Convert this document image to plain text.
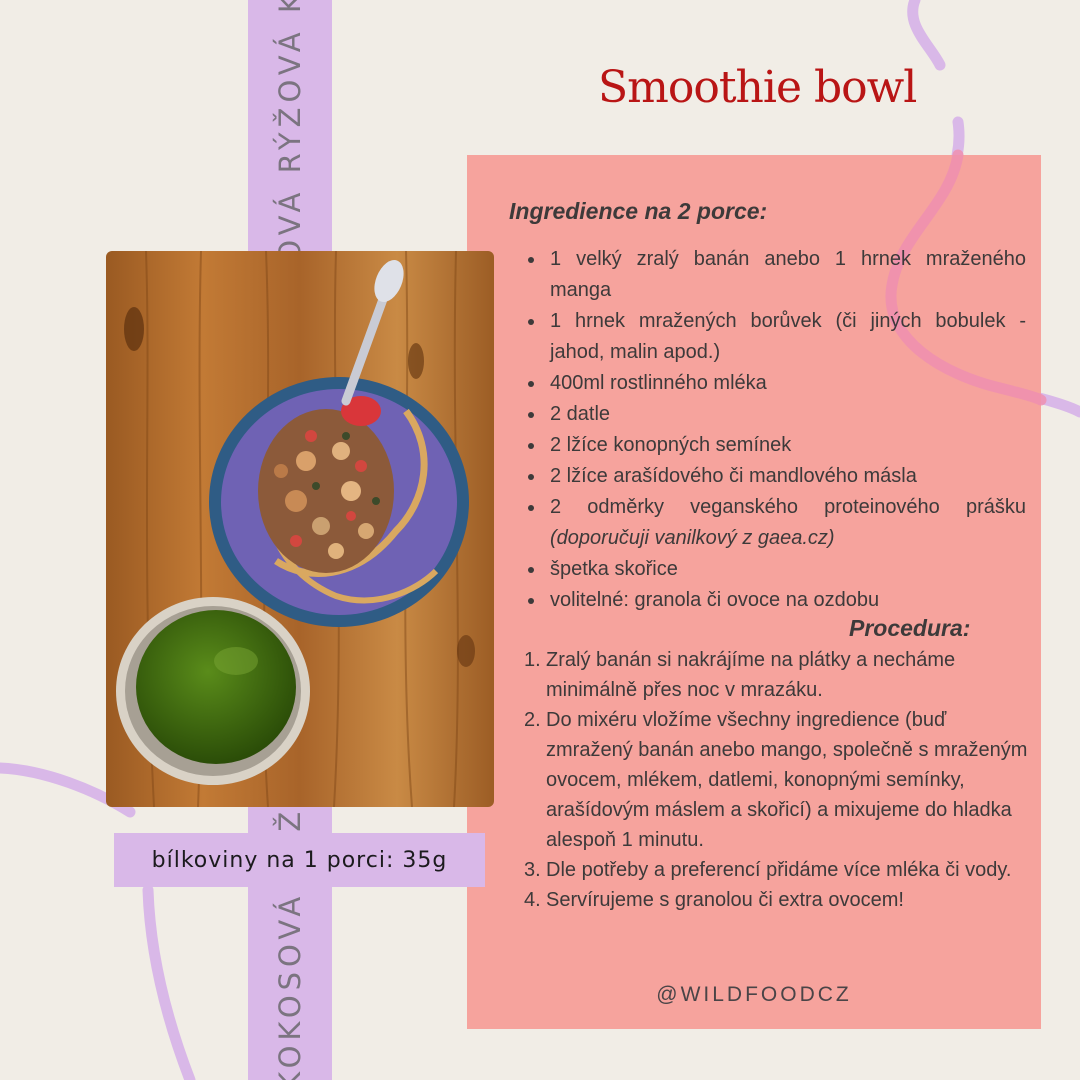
Smoothie bowl
bílkoviny na 1 porci: 35g
Ingredience na 2 porce:
1 velký zralý banán anebo 1 hrnek mraženého manga
1 hrnek mražených borůvek (či jiných bobulek - jahod, malin apod.)
400ml rostlinného mléka
2 datle
2 lžíce konopných semínek
2 lžíce arašídového či mandlového másla
2 odměrky veganského proteinového prášku (doporučuji vanilkový z gaea.cz)
špetka skořice
volitelné: granola či ovoce na ozdobu
Procedura:
1. Zralý banán si nakrájíme na plátky a necháme minimálně přes noc v mrazáku.
2. Do mixéru vložíme všechny ingredience (buď zmražený banán anebo mango, společně s mraženým ovocem, mlékem, datlemi, konopnými semínky, arašídovým máslem a skořicí) a mixujeme do hladka alespoň 1 minutu.
3. Dle potřeby a preferencí přidáme více mléka či vody.
4. Servírujeme s granolou či extra ovocem!
@WILDFOODCZ
